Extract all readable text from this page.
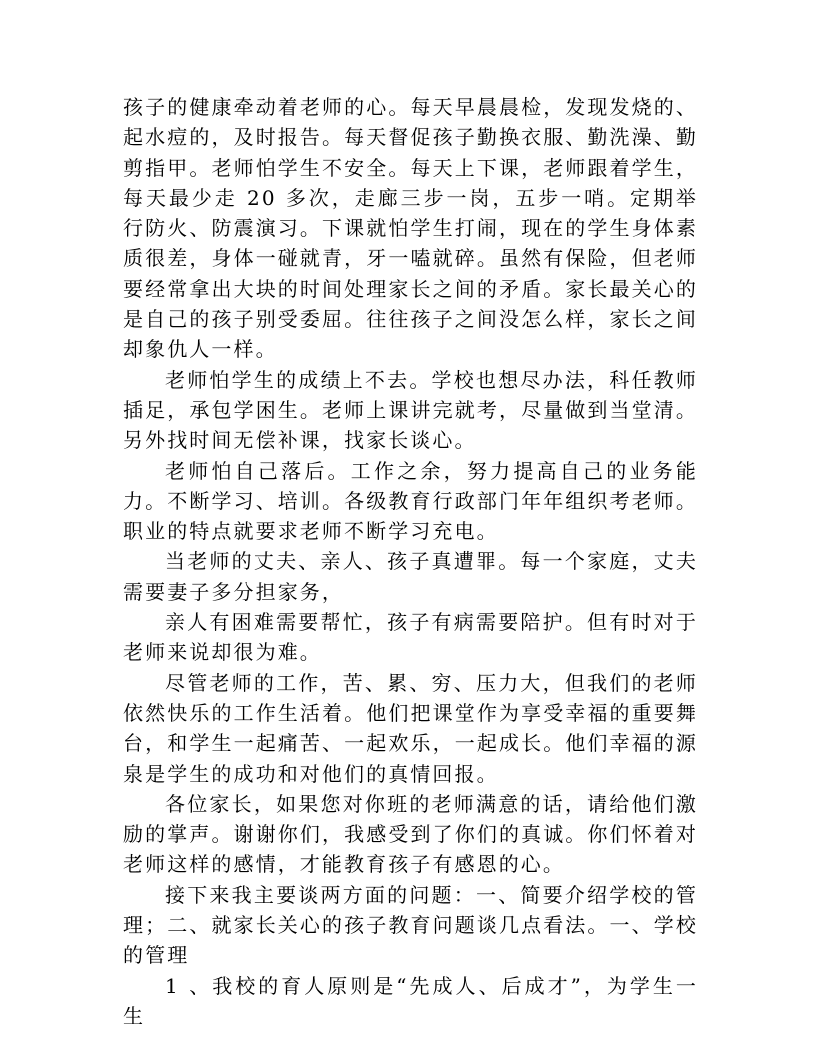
孩子的健康牵动着老师的心。每天早晨晨检，发现发烧的、起水痘的，及时报告。每天督促孩子勤换衣服、勤洗澡、勤剪指甲。老师怕学生不安全。每天上下课，老师跟着学生，每天最少走 20 多次，走廊三步一岗，五步一哨。定期举行防火、防震演习。下课就怕学生打闹，现在的学生身体素质很差，身体一碰就青，牙一嗑就碎。虽然有保险，但老师要经常拿出大块的时间处理家长之间的矛盾。家长最关心的是自己的孩子别受委屈。往往孩子之间没怎么样，家长之间却象仇人一样。

老师怕学生的成绩上不去。学校也想尽办法，科任教师插足，承包学困生。老师上课讲完就考，尽量做到当堂清。另外找时间无偿补课，找家长谈心。

老师怕自己落后。工作之余，努力提高自己的业务能力。不断学习、培训。各级教育行政部门年年组织考老师。职业的特点就要求老师不断学习充电。

当老师的丈夫、亲人、孩子真遭罪。每一个家庭，丈夫需要妻子多分担家务，

亲人有困难需要帮忙，孩子有病需要陪护。但有时对于老师来说却很为难。

尽管老师的工作，苦、累、穷、压力大，但我们的老师依然快乐的工作生活着。他们把课堂作为享受幸福的重要舞台，和学生一起痛苦、一起欢乐，一起成长。他们幸福的源泉是学生的成功和对他们的真情回报。

各位家长，如果您对你班的老师满意的话，请给他们激励的掌声。谢谢你们，我感受到了你们的真诚。你们怀着对老师这样的感情，才能教育孩子有感恩的心。

接下来我主要谈两方面的问题：一、简要介绍学校的管理；二、就家长关心的孩子教育问题谈几点看法。一、学校的管理

1 、我校的育人原则是“先成人、后成才”，为学生一生
